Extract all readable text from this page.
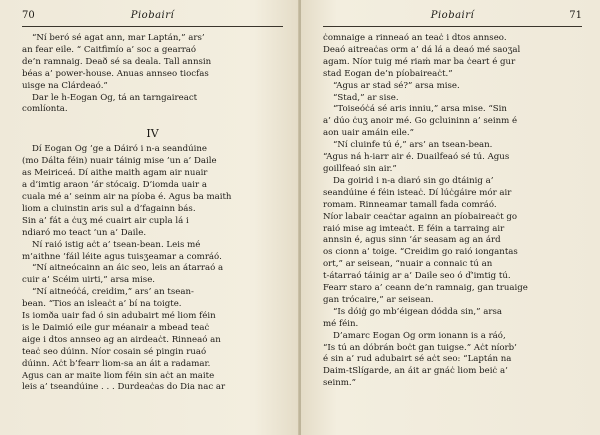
70	Piobairí
“Ní beró sé agat ann, mar Laptán,” ars’
an fear eile. “ Caitfimío a’ soc a gearraó
de’n ramnaig. Deað sé sa deala. Tall annsin
béas a’ power-house. Anuas annseo tiocfas
uisge na Clárdeaó.”
Dar le h-Eogan Óg, tá an tarngaireact
comlíonta.
IV
Dí Eogan Óg ’ge a Dáiró i n-a seandúine
(mo Dálta féin) nuair táinig mise ’un a’ Daile
as Meiriceá. Dí aithe maith agam air nuair
a d’imtig araon ’ár stócaig. D’iomda uair a
cuala mé a’ seinm air na píoba é. Agus ba maith
liom a cluinstin aris sul a d’fagainn bás.
Sin a’ fát a ċuʒ mé cuairt air cupla lá i
ndiaró mo teact ’un a’ Daile.
Ní raió istig aċt a’ tsean-bean. Leis mé
m’aithne ’fáil léite agus tuisʒeamar a comráó.
“Ní aitneócainn an áic seo, leis an átarraó a
cuir a’ Scéim uirti,” arsa mise.
“Ní aitneóċá, creidim,” ars’ an tsean-
bean. “Tios an isleaċt a’ bí na toigte.
Is iomða uair fad ó sin adubairt mé liom féin
is le Daimió eile gur méanair a mbead teaċ
aige i dtos annseo ag an airdeaċt. Rinneaó an
teaċ seo dúinn. Níor cosain sé pingin ruaó
dúinn. Aċt b’fearr liom-sa an áit a radamar.
Agus can ar maite liom féin sin aċt an maite
leis a’ tseandúine . . . Durdeaċas do Dia nac ar
71
Piobairí
ċomnaige a rinneaó an teaċ i dtos annseo.
Deaó aitreaċas orm a’ dá lá a deaó mé saoʒal
agam. Níor tuig mé riaṁ mar ba ċeart é gur
stad Eogan de’n píobaireaċt.”
“Agus ar stad sé?” arsa mise.
“Stad,” ar sise.
“Toiseóċá sé aris inniu,” arsa mise. “Sin
a’ dúo ċuʒ anoir mé. Go gcluininn a’ seinm é
aon uair amáin eile.”
“Ní cluinfe tú é,” ars’ an tsean-bean.
“Agus ná h-iarr air é. Duailfeaó sé tú. Agus
goillfeaó sin air.”
Da goirid i n-a diaró sin go dtáinig a’
seandúine é féin isteaċ. Dí lúċgáire mór air
romam. Rinneamar tamall fada comráó.
Níor labair ceaċtar againn an píobaireaċt go
raió mise ag imteaċt. É féin a tarraing air
annsin é, agus sinn ’ár seasam ag an árd
os cionn a’ toige. “Creidim go raió iongantas
ort,” ar seisean, “nuair a connaic tú an
t-átarraó táinig ar a’ Daile seo ó ď’imtig tú.
Fearr staro a’ ceann de’n ramnaig, gan truaige
gan trócaire,” ar seisean.
“Is dóiġ go mb’éigean dódda sin,” arsa
mé féin.
D’amarc Eogan Óg orm ionann is a ráó,
“Is tú an dóbrán boċt gan tuigse.” Aċt níorb’
é sin a’ rud adubairt sé aċt seo: “Laptán na
Daim-tSlígarde, an áit ar gnáċ liom beiċ a’
seinm.”
